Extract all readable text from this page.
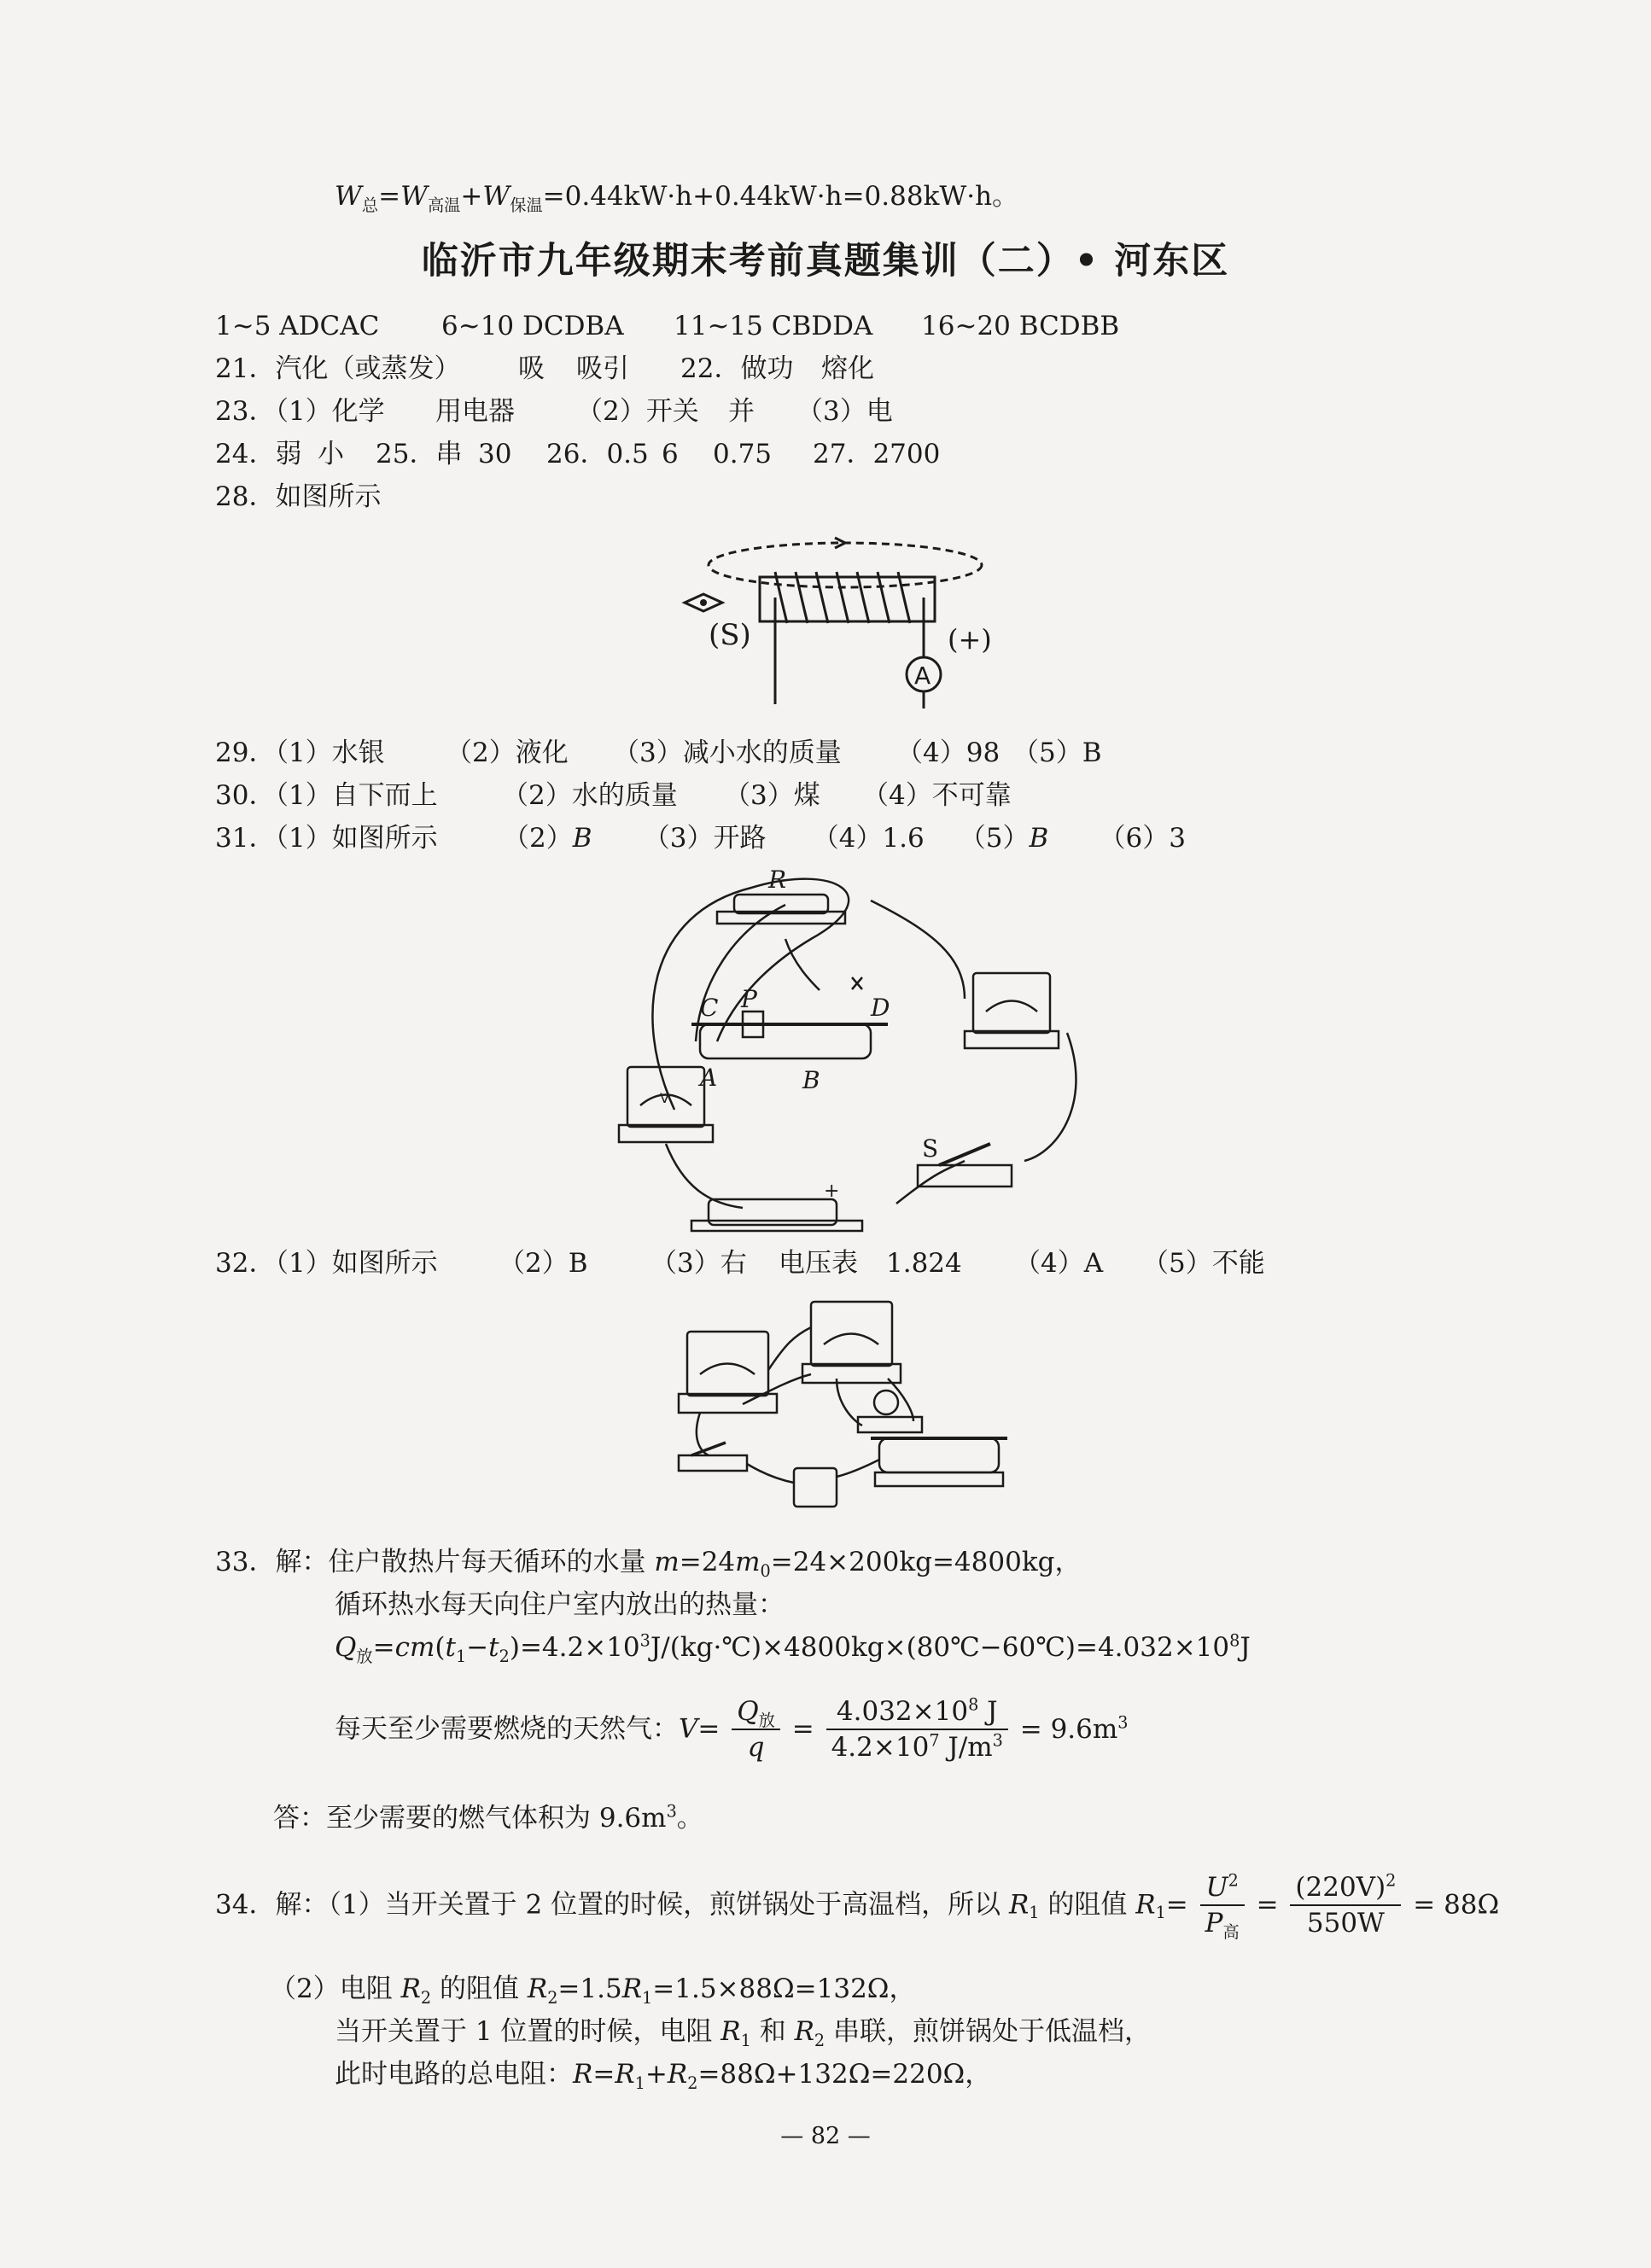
$W_总=W_{高温}+W_{保温}=0.44kW\cdot h+0.44kW\cdot h=0.88kW\cdot h$。

临沂市九年级期末考前真题集训（二）• 河东区

1~5 ADCAC 6~10 DCDBA 11~15 CBDDA 16~20 BCDBB

21．汽化（或蒸发） 吸 吸引 22．做功 熔化

23．（1）化学 用电器 （2）开关 并 （3）电

24．弱 小 25．串 30 26．0.5 6 0.75 27．2700

28．如图所示

(S)	(+)
A

29．（1）水银 （2）液化 （3）减小水的质量 （4）98 （5）B

30．（1）自下而上 （2）水的质量 （3）煤 （4）不可靠

31．（1）如图所示 （2）B （3）开路 （4）1.6 （5）B （6）3

R
C P	D
A	B
S
V
+

32．（1）如图所示 （2）B （3）右 电压表 1.824 （4）A （5）不能

33．解：住户散热片每天循环的水量 $m=24m_0=24\times 200kg=4800kg$，

循环热水每天向住户室内放出的热量：

$Q_放=cm(t_1-t_2)=4.2\times 10^3J/(kg\cdot℃)\times 4800kg\times(80℃-60℃)=4.032\times 10^8J$

每天至少需要燃烧的天然气：$V= \frac{Q_放}{q} = \frac{4.032\times 10^8 J}{4.2\times 10^7 J/m^3} = 9.6m^3$

答：至少需要的燃气体积为 $9.6m^3$。

34．解：（1）当开关置于 2 位置的时候，煎饼锅处于高温档，所以 $R_1$ 的阻值 $R_1= \frac{U^2}{P_高} = \frac{(220V)^2}{550W} = 88\Omega$

（2）电阻 $R_2$ 的阻值 $R_2=1.5R_1=1.5\times 88\Omega=132\Omega$，

当开关置于 1 位置的时候，电阻 $R_1$ 和 $R_2$ 串联，煎饼锅处于低温档，

此时电路的总电阻：$R=R_1+R_2=88\Omega+132\Omega=220\Omega$，

— 82 —
